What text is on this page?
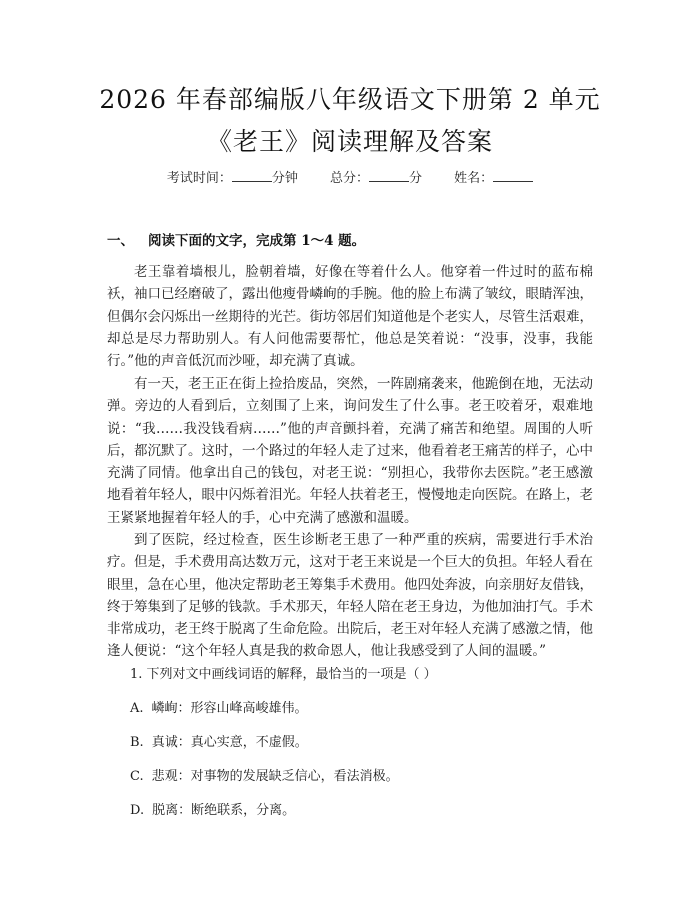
2026 年春部编版八年级语文下册第 2 单元
《老王》阅读理解及答案
考试时间：	分钟 总分：	分 姓名：
一、 阅读下面的文字，完成第 1～4 题。

老王靠着墙根儿，脸朝着墙，好像在等着什么人。他穿着一件过时的蓝布棉袄，袖口已经磨破了，露出他瘦骨嶙峋的手腕。他的脸上布满了皱纹，眼睛浑浊，但偶尔会闪烁出一丝期待的光芒。街坊邻居们知道他是个老实人，尽管生活艰难，却总是尽力帮助别人。有人问他需要帮忙，他总是笑着说：“没事，没事，我能行。”他的声音低沉而沙哑，却充满了真诚。

有一天，老王正在街上捡拾废品，突然，一阵剧痛袭来，他跪倒在地，无法动弹。旁边的人看到后，立刻围了上来，询问发生了什么事。老王咬着牙，艰难地说：“我……我没钱看病……”他的声音颤抖着，充满了痛苦和绝望。周围的人听后，都沉默了。这时，一个路过的年轻人走了过来，他看着老王痛苦的样子，心中充满了同情。他拿出自己的钱包，对老王说：“别担心，我带你去医院。”老王感激地看着年轻人，眼中闪烁着泪光。年轻人扶着老王，慢慢地走向医院。在路上，老王紧紧地握着年轻人的手，心中充满了感激和温暖。

到了医院，经过检查，医生诊断老王患了一种严重的疾病，需要进行手术治疗。但是，手术费用高达数万元，这对于老王来说是一个巨大的负担。年轻人看在眼里，急在心里，他决定帮助老王筹集手术费用。他四处奔波，向亲朋好友借钱，终于筹集到了足够的钱款。手术那天，年轻人陪在老王身边，为他加油打气。手术非常成功，老王终于脱离了生命危险。出院后，老王对年轻人充满了感激之情，他逢人便说：“这个年轻人真是我的救命恩人，他让我感受到了人间的温暖。”

1. 下列对文中画线词语的解释，最恰当的一项是（ ）
A. 嶙峋：形容山峰高峻雄伟。
B. 真诚：真心实意，不虚假。
C. 悲观：对事物的发展缺乏信心，看法消极。
D. 脱离：断绝联系，分离。
